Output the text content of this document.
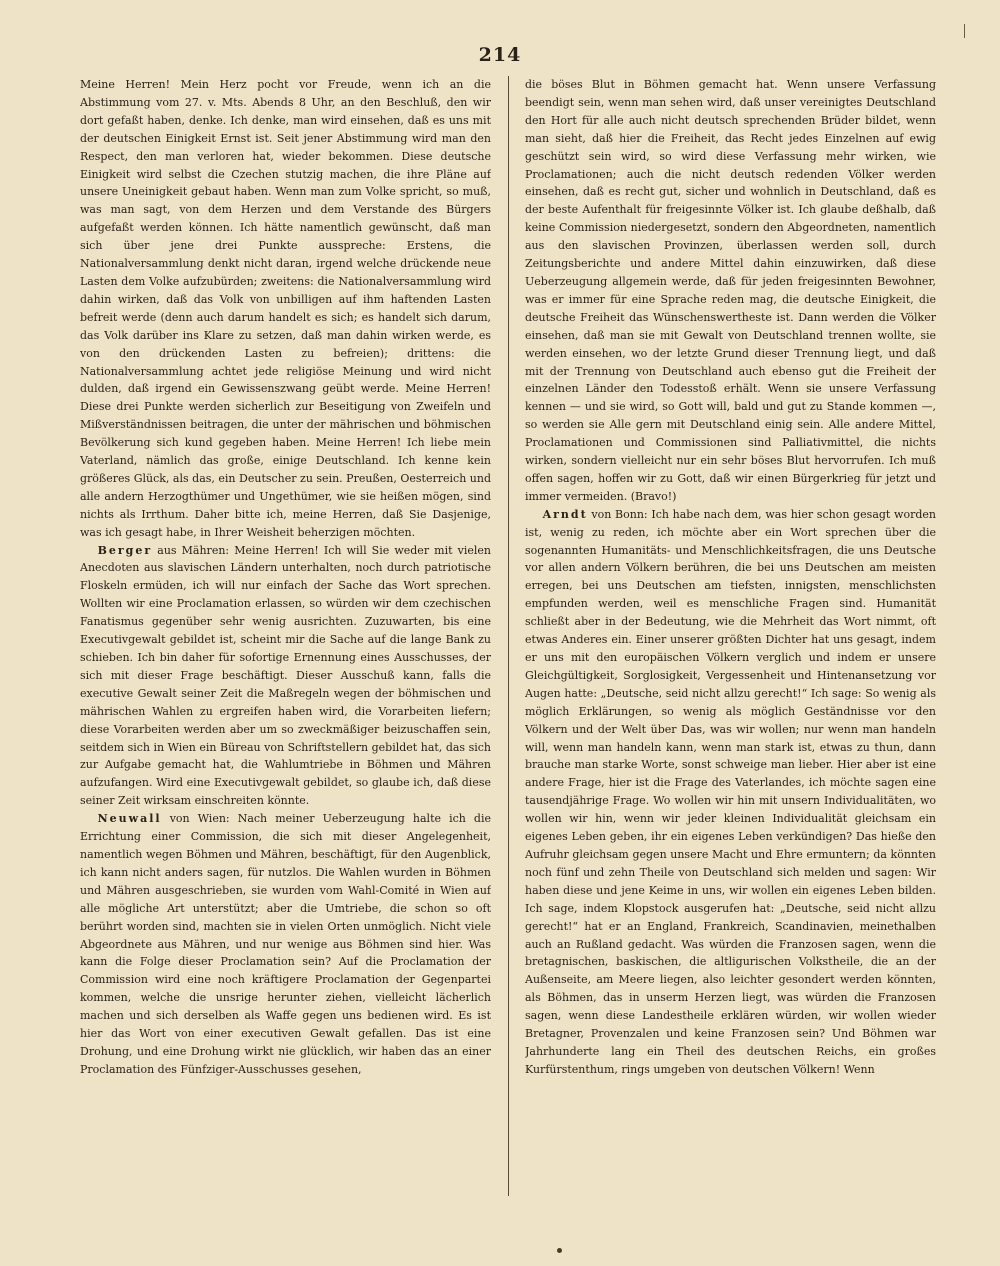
214

Meine Herren! Mein Herz pocht vor Freude, wenn ich an die Abstimmung vom 27. v. Mts. Abends 8 Uhr, an den Beschluß, den wir dort gefaßt haben, denke. Ich denke, man wird einsehen, daß es uns mit der deutschen Einigkeit Ernst ist. Seit jener Abstimmung wird man den Respect, den man verloren hat, wieder bekommen. Diese deutsche Einigkeit wird selbst die Czechen stutzig machen, die ihre Pläne auf unsere Uneinigkeit gebaut haben. Wenn man zum Volke spricht, so muß, was man sagt, von dem Herzen und dem Verstande des Bürgers aufgefaßt werden können. Ich hätte namentlich gewünscht, daß man sich über jene drei Punkte ausspreche: Erstens, die Nationalversammlung denkt nicht daran, irgend welche drückende neue Lasten dem Volke aufzubürden; zweitens: die Nationalversammlung wird dahin wirken, daß das Volk von unbilligen auf ihm haftenden Lasten befreit werde (denn auch darum handelt es sich; es handelt sich darum, das Volk darüber ins Klare zu setzen, daß man dahin wirken werde, es von den drückenden Lasten zu befreien); drittens: die Nationalversammlung achtet jede religiöse Meinung und wird nicht dulden, daß irgend ein Gewissenszwang geübt werde. Meine Herren! Diese drei Punkte werden sicherlich zur Beseitigung von Zweifeln und Mißverständnissen beitragen, die unter der mährischen und böhmischen Bevölkerung sich kund gegeben haben. Meine Herren! Ich liebe mein Vaterland, nämlich das große, einige Deutschland. Ich kenne kein größeres Glück, als das, ein Deutscher zu sein. Preußen, Oesterreich und alle andern Herzogthümer und Ungethümer, wie sie heißen mögen, sind nichts als Irrthum. Daher bitte ich, meine Herren, daß Sie Dasjenige, was ich gesagt habe, in Ihrer Weisheit beherzigen möchten.

Berger aus Mähren: Meine Herren! Ich will Sie weder mit vielen Anecdoten aus slavischen Ländern unterhalten, noch durch patriotische Floskeln ermüden, ich will nur einfach der Sache das Wort sprechen. Wollten wir eine Proclamation erlassen, so würden wir dem czechischen Fanatismus gegenüber sehr wenig ausrichten. Zuzuwarten, bis eine Executivgewalt gebildet ist, scheint mir die Sache auf die lange Bank zu schieben. Ich bin daher für sofortige Ernennung eines Ausschusses, der sich mit dieser Frage beschäftigt. Dieser Ausschuß kann, falls die executive Gewalt seiner Zeit die Maßregeln wegen der böhmischen und mährischen Wahlen zu ergreifen haben wird, die Vorarbeiten liefern; diese Vorarbeiten werden aber um so zweckmäßiger beizuschaffen sein, seitdem sich in Wien ein Büreau von Schriftstellern gebildet hat, das sich zur Aufgabe gemacht hat, die Wahlumtriebe in Böhmen und Mähren aufzufangen. Wird eine Executivgewalt gebildet, so glaube ich, daß diese seiner Zeit wirksam einschreiten könnte.

Neuwall von Wien: Nach meiner Ueberzeugung halte ich die Errichtung einer Commission, die sich mit dieser Angelegenheit, namentlich wegen Böhmen und Mähren, beschäftigt, für den Augenblick, ich kann nicht anders sagen, für nutzlos. Die Wahlen wurden in Böhmen und Mähren ausgeschrieben, sie wurden vom Wahl-Comité in Wien auf alle mögliche Art unterstützt; aber die Umtriebe, die schon so oft berührt worden sind, machten sie in vielen Orten unmöglich. Nicht viele Abgeordnete aus Mähren, und nur wenige aus Böhmen sind hier. Was kann die Folge dieser Proclamation sein? Auf die Proclamation der Commission wird eine noch kräftigere Proclamation der Gegenpartei kommen, welche die unsrige herunter ziehen, vielleicht lächerlich machen und sich derselben als Waffe gegen uns bedienen wird. Es ist hier das Wort von einer executiven Gewalt gefallen. Das ist eine Drohung, und eine Drohung wirkt nie glücklich, wir haben das an einer Proclamation des Fünfziger-Ausschusses gesehen,

die böses Blut in Böhmen gemacht hat. Wenn unsere Verfassung beendigt sein, wenn man sehen wird, daß unser vereinigtes Deutschland den Hort für alle auch nicht deutsch sprechenden Brüder bildet, wenn man sieht, daß hier die Freiheit, das Recht jedes Einzelnen auf ewig geschützt sein wird, so wird diese Verfassung mehr wirken, wie Proclamationen; auch die nicht deutsch redenden Völker werden einsehen, daß es recht gut, sicher und wohnlich in Deutschland, daß es der beste Aufenthalt für freigesinnte Völker ist. Ich glaube deßhalb, daß keine Commission niedergesetzt, sondern den Abgeordneten, namentlich aus den slavischen Provinzen, überlassen werden soll, durch Zeitungsberichte und andere Mittel dahin einzuwirken, daß diese Ueberzeugung allgemein werde, daß für jeden freigesinnten Bewohner, was er immer für eine Sprache reden mag, die deutsche Einigkeit, die deutsche Freiheit das Wünschenswertheste ist. Dann werden die Völker einsehen, daß man sie mit Gewalt von Deutschland trennen wollte, sie werden einsehen, wo der letzte Grund dieser Trennung liegt, und daß mit der Trennung von Deutschland auch ebenso gut die Freiheit der einzelnen Länder den Todesstoß erhält. Wenn sie unsere Verfassung kennen — und sie wird, so Gott will, bald und gut zu Stande kommen —, so werden sie Alle gern mit Deutschland einig sein. Alle andere Mittel, Proclamationen und Commissionen sind Palliativmittel, die nichts wirken, sondern vielleicht nur ein sehr böses Blut hervorrufen. Ich muß offen sagen, hoffen wir zu Gott, daß wir einen Bürgerkrieg für jetzt und immer vermeiden. (Bravo!)

Arndt von Bonn: Ich habe nach dem, was hier schon gesagt worden ist, wenig zu reden, ich möchte aber ein Wort sprechen über die sogenannten Humanitäts- und Menschlichkeitsfragen, die uns Deutsche vor allen andern Völkern berühren, die bei uns Deutschen am meisten erregen, bei uns Deutschen am tiefsten, innigsten, menschlichsten empfunden werden, weil es menschliche Fragen sind. Humanität schließt aber in der Bedeutung, wie die Mehrheit das Wort nimmt, oft etwas Anderes ein. Einer unserer größten Dichter hat uns gesagt, indem er uns mit den europäischen Völkern verglich und indem er unsere Gleichgültigkeit, Sorglosigkeit, Vergessenheit und Hintenansetzung vor Augen hatte: „Deutsche, seid nicht allzu gerecht!“ Ich sage: So wenig als möglich Erklärungen, so wenig als möglich Geständnisse vor den Völkern und der Welt über Das, was wir wollen; nur wenn man handeln will, wenn man handeln kann, wenn man stark ist, etwas zu thun, dann brauche man starke Worte, sonst schweige man lieber. Hier aber ist eine andere Frage, hier ist die Frage des Vaterlandes, ich möchte sagen eine tausendjährige Frage. Wo wollen wir hin mit unsern Individualitäten, wo wollen wir hin, wenn wir jeder kleinen Individualität gleichsam ein eigenes Leben geben, ihr ein eigenes Leben verkündigen? Das hieße den Aufruhr gleichsam gegen unsere Macht und Ehre ermuntern; da könnten noch fünf und zehn Theile von Deutschland sich melden und sagen: Wir haben diese und jene Keime in uns, wir wollen ein eigenes Leben bilden. Ich sage, indem Klopstock ausgerufen hat: „Deutsche, seid nicht allzu gerecht!“ hat er an England, Frankreich, Scandinavien, meinethalben auch an Rußland gedacht. Was würden die Franzosen sagen, wenn die bretagnischen, baskischen, die altligurischen Volkstheile, die an der Außenseite, am Meere liegen, also leichter gesondert werden könnten, als Böhmen, das in unserm Herzen liegt, was würden die Franzosen sagen, wenn diese Landestheile erklären würden, wir wollen wieder Bretagner, Provenzalen und keine Franzosen sein? Und Böhmen war Jahrhunderte lang ein Theil des deutschen Reichs, ein großes Kurfürstenthum, rings umgeben von deutschen Völkern! Wenn
